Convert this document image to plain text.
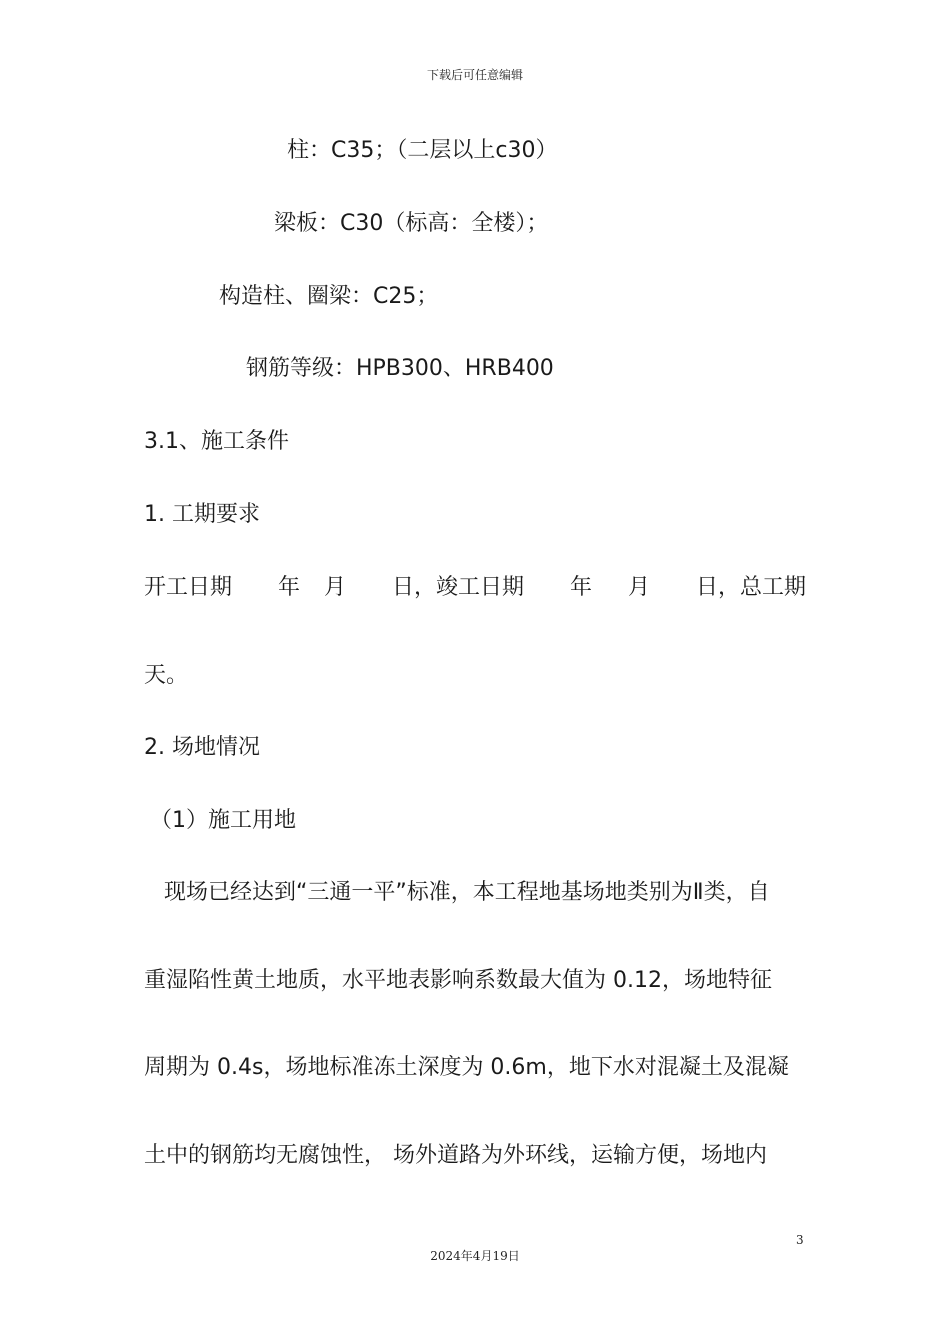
下载后可任意编辑
柱：C35；（二层以上c30）
梁板：C30（标高：全楼）；
构造柱、圈梁：C25；
钢筋等级：HPB300、HRB400
3.1、施工条件
1. 工期要求
开工日期 年 月 日，竣工日期 年 月 日，总工期
天。
2. 场地情况
（1）施工用地
现场已经达到“三通一平”标准，本工程地基场地类别为Ⅱ类，自
重湿陷性黄土地质，水平地表影响系数最大值为 0.12，场地特征
周期为 0.4s，场地标准冻土深度为 0.6m，地下水对混凝土及混凝
土中的钢筋均无腐蚀性， 场外道路为外环线，运输方便，场地内
3
2024年4月19日
